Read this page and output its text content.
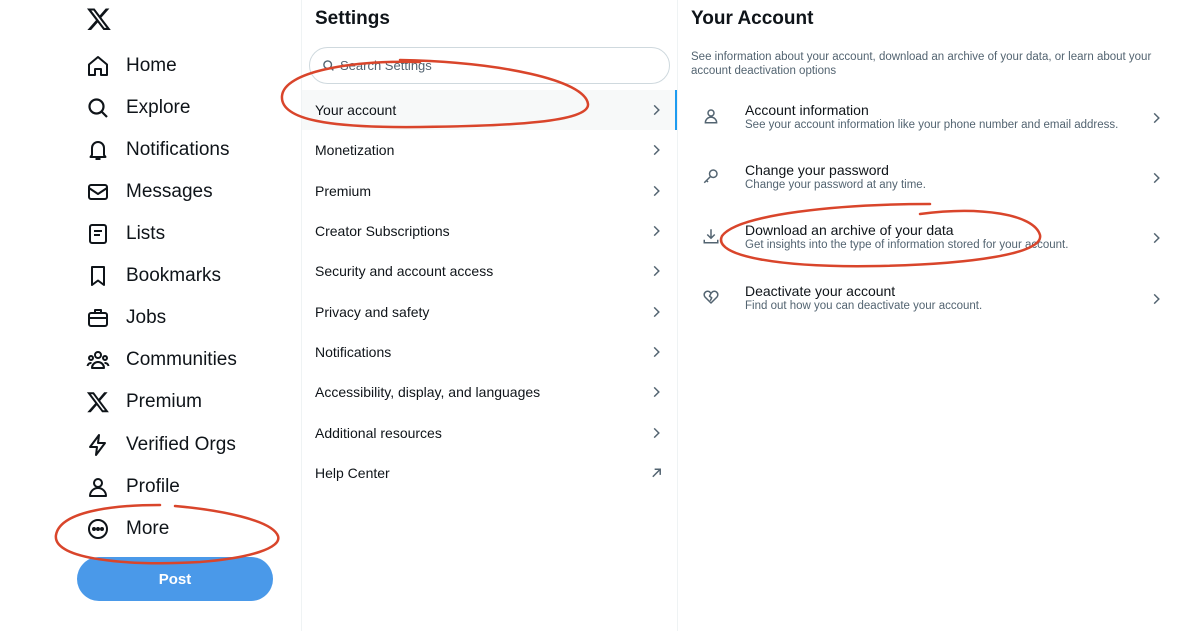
Home
Explore
Notifications
Messages
Lists
Bookmarks
Jobs
Communities
Premium
Verified Orgs
Profile
More
Post
Settings
Search Settings
Your account
Monetization
Premium
Creator Subscriptions
Security and account access
Privacy and safety
Notifications
Accessibility, display, and languages
Additional resources
Help Center
Your Account
See information about your account, download an archive of your data, or learn about your account deactivation options
Account information
See your account information like your phone number and email address.
Change your password
Change your password at any time.
Download an archive of your data
Get insights into the type of information stored for your account.
Deactivate your account
Find out how you can deactivate your account.
